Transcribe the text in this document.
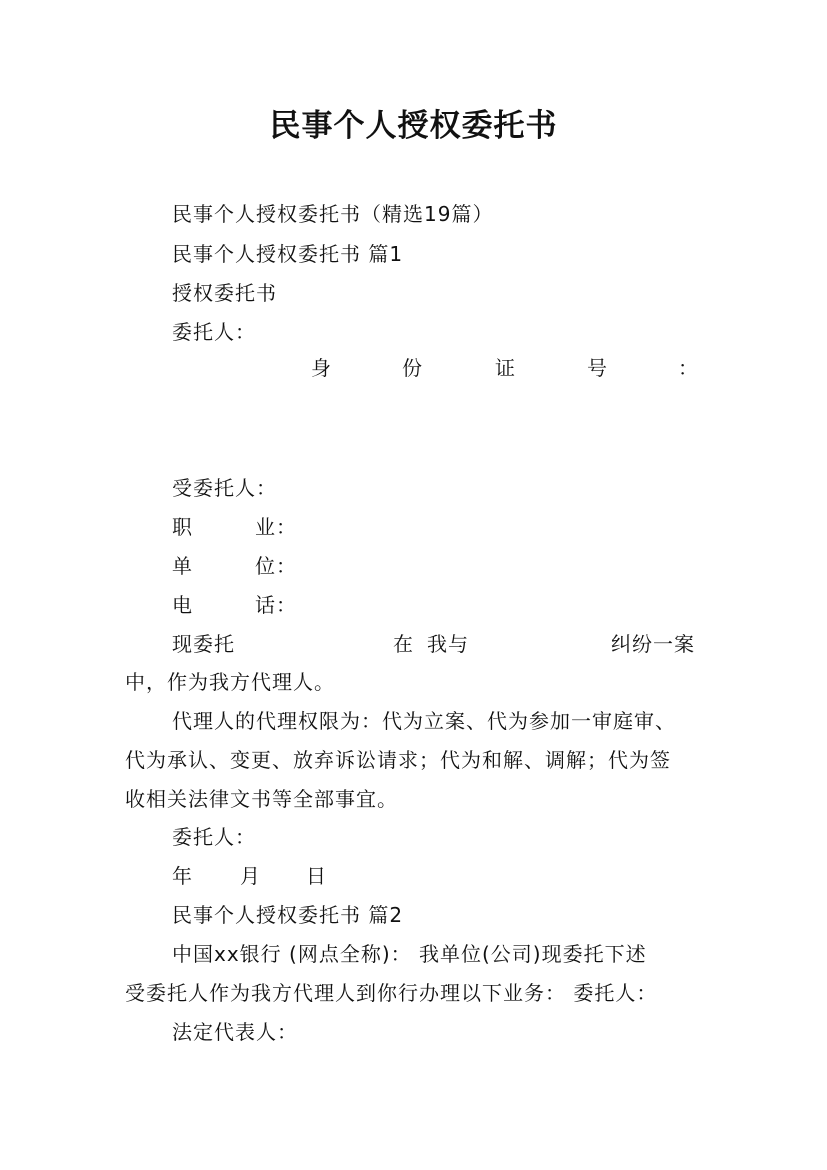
民事个人授权委托书
民事个人授权委托书（精选19篇）
民事个人授权委托书 篇1
授权委托书
委托人：
身	份	证	号	：
受委托人：
职	业：
单	位：
电	话：
现委托	在 我与	纠纷一案
中，作为我方代理人。
代理人的代理权限为：代为立案、代为参加一审庭审、
代为承认、变更、放弃诉讼请求；代为和解、调解；代为签
收相关法律文书等全部事宜。
委托人：
年 月 日
民事个人授权委托书 篇2
中国xx银行 (网点全称)： 我单位(公司)现委托下述
受委托人作为我方代理人到你行办理以下业务： 委托人：
法定代表人：
